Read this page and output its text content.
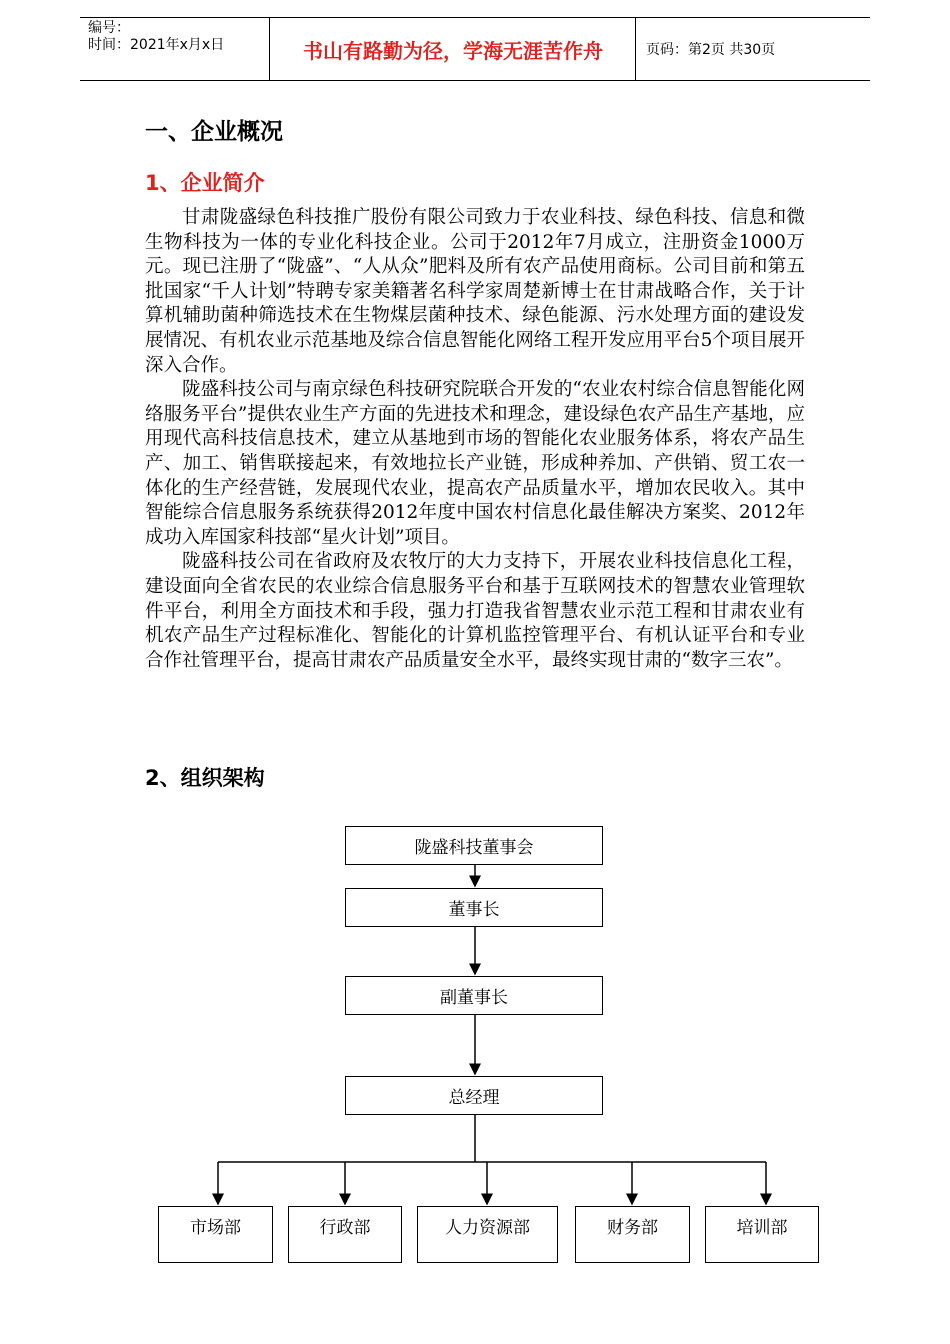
编号：
时间：2021年x月x日	书山有路勤为径，学海无涯苦作舟	页码：第2页 共30页
一、企业概况
1、企业简介

甘肃陇盛绿色科技推广股份有限公司致力于农业科技、绿色科技、信息和微生物科技为一体的专业化科技企业。公司于2012年7月成立，注册资金1000万元。现已注册了“陇盛”、“人从众”肥料及所有农产品使用商标。公司目前和第五批国家“千人计划”特聘专家美籍著名科学家周楚新博士在甘肃战略合作，关于计算机辅助菌种筛选技术在生物煤层菌种技术、绿色能源、污水处理方面的建设发展情况、有机农业示范基地及综合信息智能化网络工程开发应用平台5个项目展开深入合作。

陇盛科技公司与南京绿色科技研究院联合开发的“农业农村综合信息智能化网络服务平台”提供农业生产方面的先进技术和理念，建设绿色农产品生产基地，应用现代高科技信息技术，建立从基地到市场的智能化农业服务体系，将农产品生产、加工、销售联接起来，有效地拉长产业链，形成种养加、产供销、贸工农一体化的生产经营链，发展现代农业，提高农产品质量水平，增加农民收入。其中智能综合信息服务系统获得2012年度中国农村信息化最佳解决方案奖、2012年成功入库国家科技部“星火计划”项目。

陇盛科技公司在省政府及农牧厅的大力支持下，开展农业科技信息化工程，建设面向全省农民的农业综合信息服务平台和基于互联网技术的智慧农业管理软件平台，利用全方面技术和手段，强力打造我省智慧农业示范工程和甘肃农业有机农产品生产过程标准化、智能化的计算机监控管理平台、有机认证平台和专业合作社管理平台，提高甘肃农产品质量安全水平，最终实现甘肃的“数字三农”。

2、组织架构
陇盛科技董事会
董事长
副董事长
总经理
市场部	行政部	人力资源部	财务部	培训部
